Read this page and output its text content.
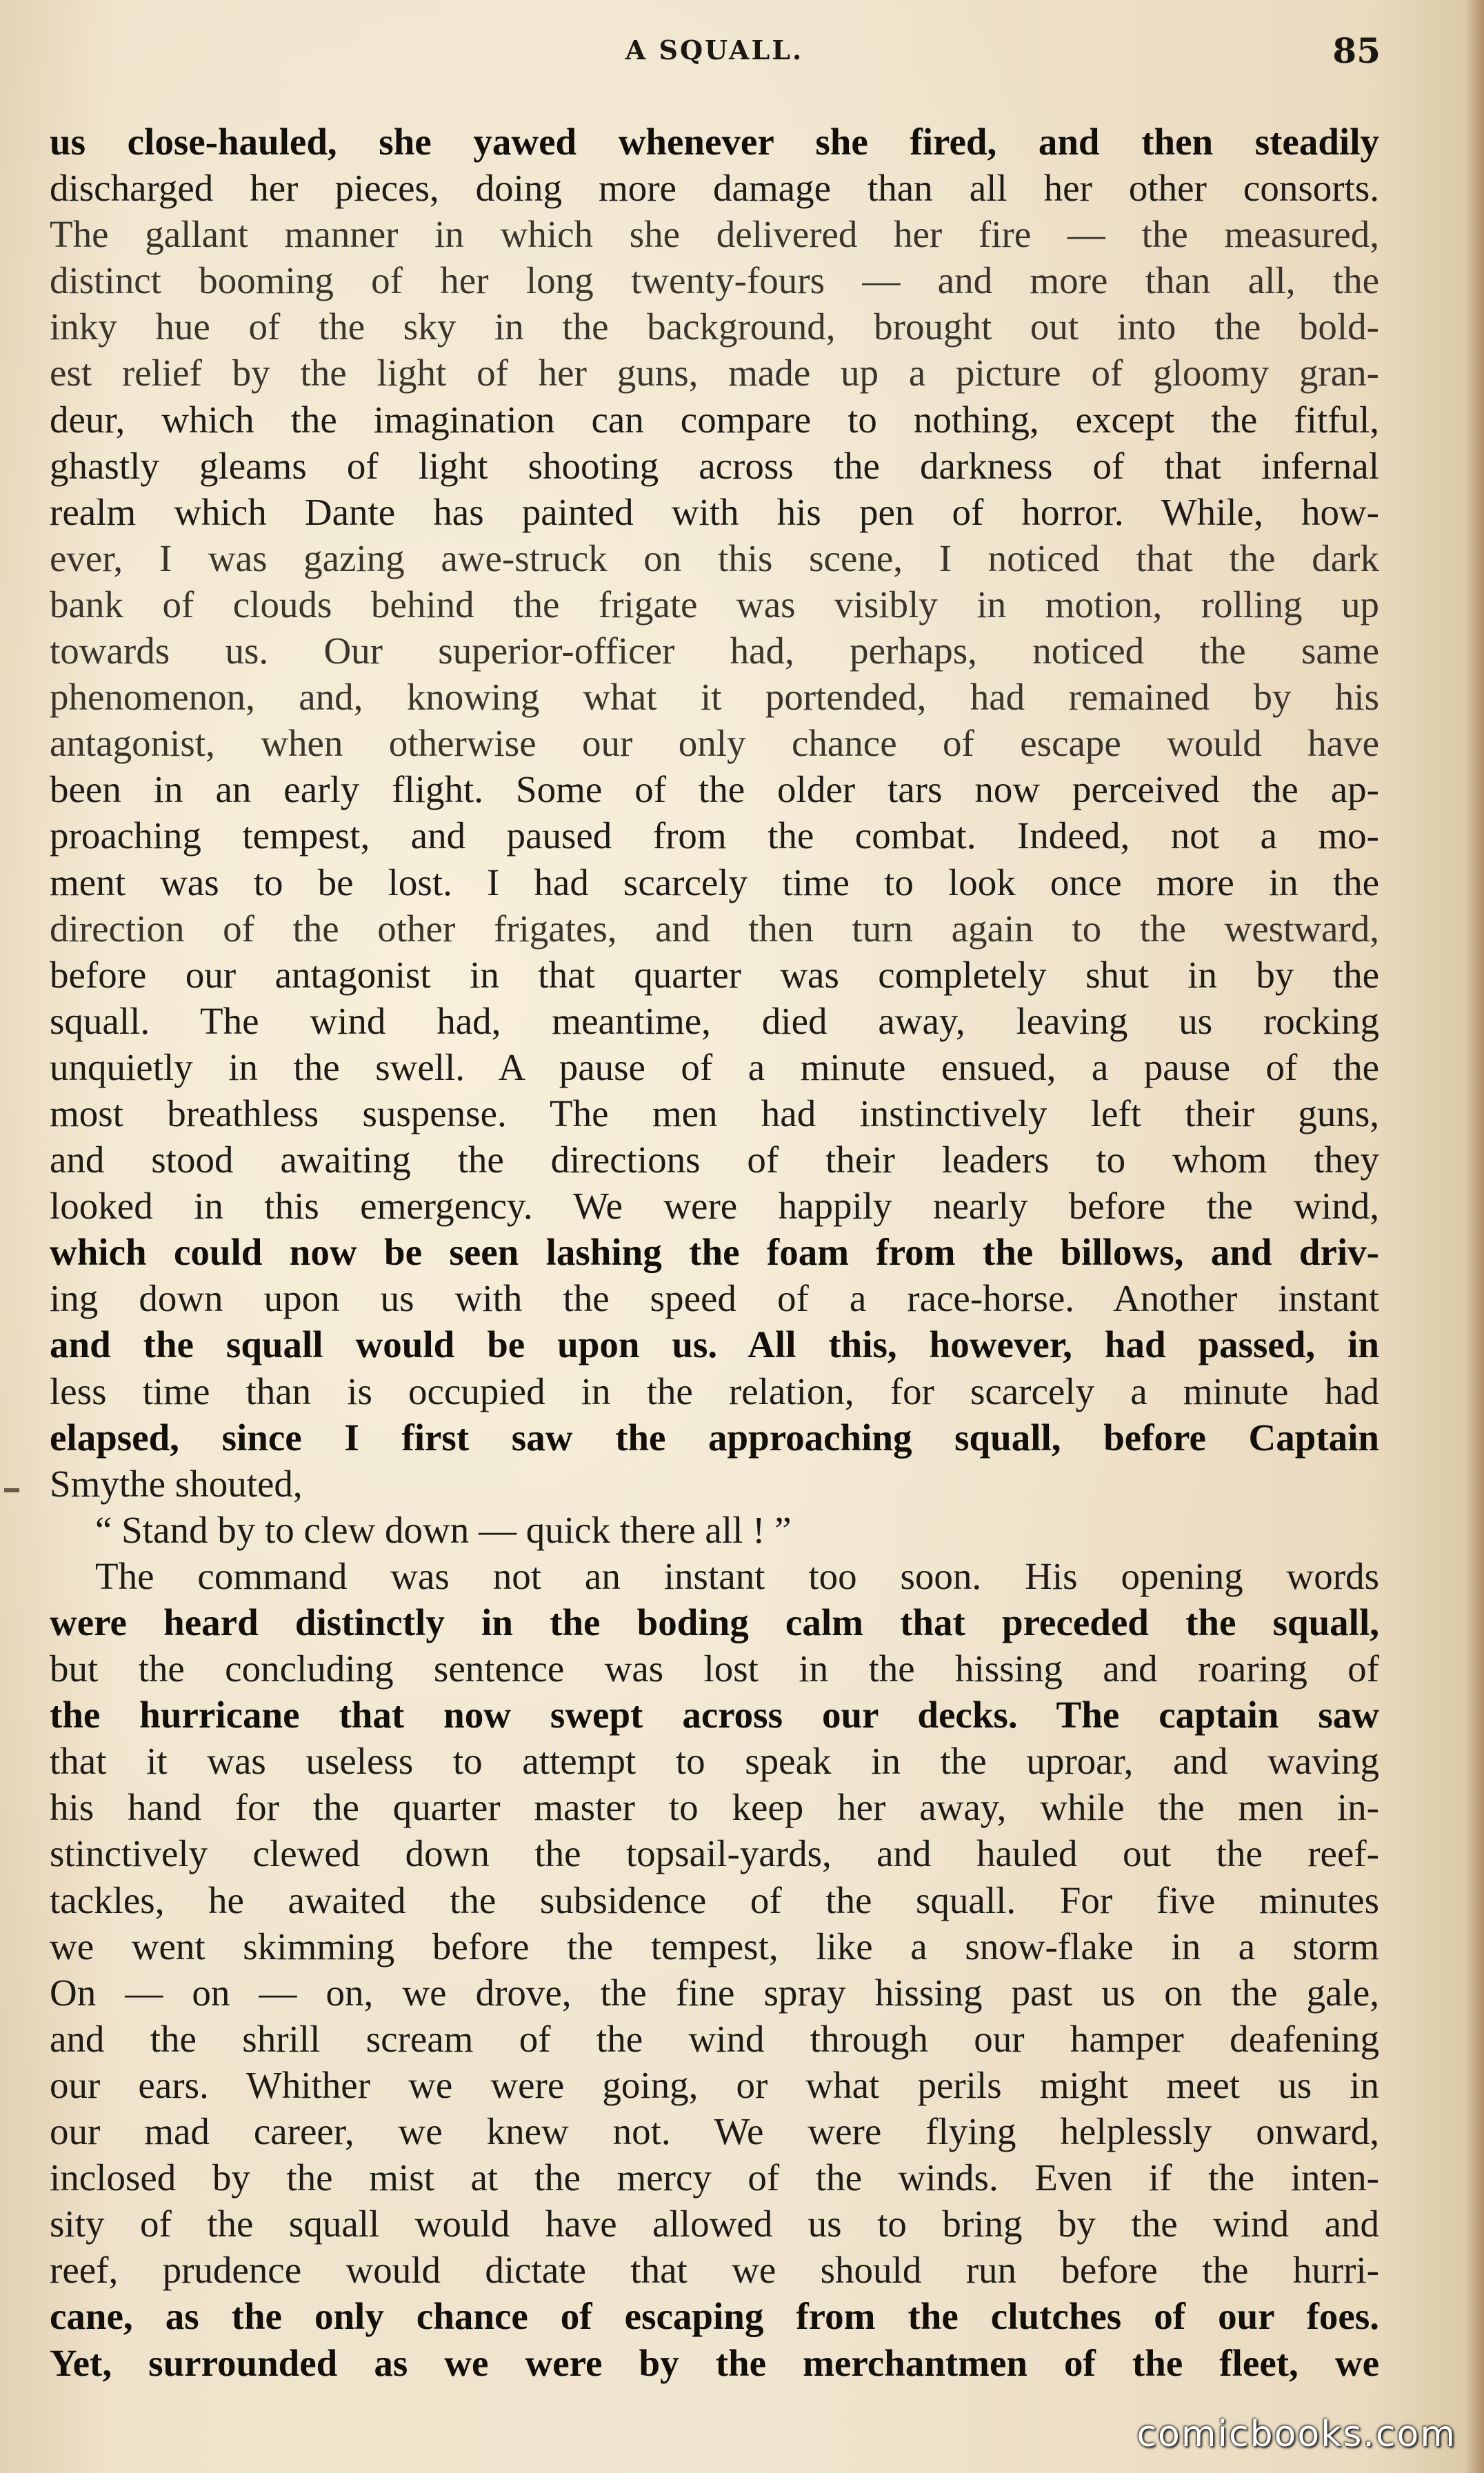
A SQUALL.	85
us close-hauled, she yawed whenever she fired, and then steadily
discharged her pieces, doing more damage than all her other consorts.
The gallant manner in which she delivered her fire — the measured,
distinct booming of her long twenty-fours — and more than all, the
inky hue of the sky in the background, brought out into the bold-
est relief by the light of her guns, made up a picture of gloomy gran-
deur, which the imagination can compare to nothing, except the fitful,
ghastly gleams of light shooting across the darkness of that infernal
realm which Dante has painted with his pen of horror. While, how-
ever, I was gazing awe-struck on this scene, I noticed that the dark
bank of clouds behind the frigate was visibly in motion, rolling up
towards us. Our superior-officer had, perhaps, noticed the same
phenomenon, and, knowing what it portended, had remained by his
antagonist, when otherwise our only chance of escape would have
been in an early flight. Some of the older tars now perceived the ap-
proaching tempest, and paused from the combat. Indeed, not a mo-
ment was to be lost. I had scarcely time to look once more in the
direction of the other frigates, and then turn again to the westward,
before our antagonist in that quarter was completely shut in by the
squall. The wind had, meantime, died away, leaving us rocking
unquietly in the swell. A pause of a minute ensued, a pause of the
most breathless suspense. The men had instinctively left their guns,
and stood awaiting the directions of their leaders to whom they
looked in this emergency. We were happily nearly before the wind,
which could now be seen lashing the foam from the billows, and driv-
ing down upon us with the speed of a race-horse. Another instant
and the squall would be upon us. All this, however, had passed, in
less time than is occupied in the relation, for scarcely a minute had
elapsed, since I first saw the approaching squall, before Captain
Smythe shouted,
“ Stand by to clew down — quick there all ! ”
The command was not an instant too soon. His opening words
were heard distinctly in the boding calm that preceded the squall,
but the concluding sentence was lost in the hissing and roaring of
the hurricane that now swept across our decks. The captain saw
that it was useless to attempt to speak in the uproar, and waving
his hand for the quarter master to keep her away, while the men in-
stinctively clewed down the topsail-yards, and hauled out the reef-
tackles, he awaited the subsidence of the squall. For five minutes
we went skimming before the tempest, like a snow-flake in a storm
On — on — on, we drove, the fine spray hissing past us on the gale,
and the shrill scream of the wind through our hamper deafening
our ears. Whither we were going, or what perils might meet us in
our mad career, we knew not. We were flying helplessly onward,
inclosed by the mist at the mercy of the winds. Even if the inten-
sity of the squall would have allowed us to bring by the wind and
reef, prudence would dictate that we should run before the hurri-
cane, as the only chance of escaping from the clutches of our foes.
Yet, surrounded as we were by the merchantmen of the fleet, we
comicbooks.com
